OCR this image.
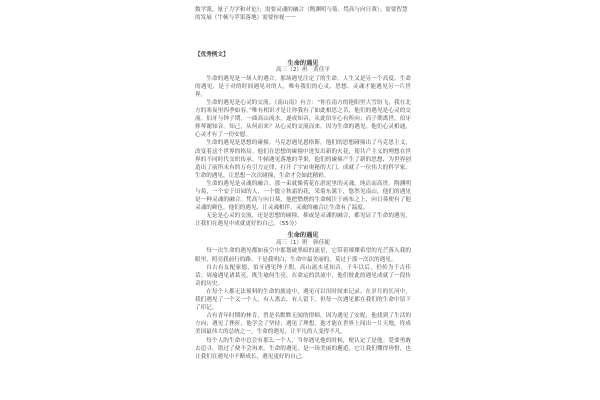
数学派、量子力学和对论》；需要灵魂的融合（陶渊明与菊、梵高与向日葵）；需要智慧的发展（牛顿与苹果落地）需要你视一一

【优秀例文】

生命的遇见

高三（2）班　黄佳平

生命的遇见是一场人的遇合，那场遇见注定了的生命，人生又是另一个高度。生命的遇见，是于对的时间遇见对的人，唯有我们的心灵、思想、灵魂才能遇见另一片世界。

生命的遇见是心灵的交流。《南山南》有言：“你在南方的艳阳里大雪纷飞，我在北方的寒夜里四季如春。”唯有相识才是让你我有了如此相思之苦，他们的遇见是心灵的交流。伯牙与钟子期，一曲高山流水，遂成知音，从此伯牙心有所向；而子期离世，伯牙摔琴谢知音。知己，从何而来？从心灵的交流而来。因为生命的遇见，他们心灵相通，心灵才有了一份安慰。

生命的遇见是思想的碰撞。马克思遇见恩格斯，他们的思想碰撞出了马克思主义，改变着这个世界的格局。他们在思想的碰撞中迸发出新的火花，使共产主义的理想在世界的不同时代交织传承。牛顿遇见落地的苹果，他们的碰撞产生了新的思想，为世界创造出了前所未有的万有引力定律，打开了宇宙奥秘的大门，成就了一位伟大的科学家。生命的遇见，让思想一次次碰撞，生命才会如此精彩。

生命的遇见是灵魂的融合。那一束就像荷花在淤泥里的灵魂，纯洁而高贵。陶渊明与菊，一个安于田园的人，一个傲立秋霜的花，采菊东篱下，悠然见南山，他们的遇见是一种灵魂的融合。梵高与向日葵，他把燃烧的生命倾注于画布之上，向日葵便有了他灵魂的颜色。他们的遇见，让灵魂相伴，灵魂的融合让生命有了温度。

无论是心灵的交流，还是思想的碰撞，抑或是灵魂的融合，都见证了生命的遇见，让我们在遇见中成就更好的自己。（55分）

生命的遇见

高三（1）班　韩佳妮

每一次生命的遇见都如夜空中那划破黑暗的流星，它带着璀璨希望的光芒落入我的眼里，照亮我前行的路。于是我明白，生命中最美丽的，莫过于那一次次的遇见。

自古有友配家德，伯牙遇见钟子期，高山流水觅知音，千年以后，仍传为千古佳话；周瑜遇见诸葛亮，既生瑜何生亮，在命运的洪流中，他们彼此的遇见成就了一段传奇的历史。

在每个人都无法预料的生命的旅途中，遇见可以用时间来记录。在岁月的长河中，我们遇见了一个又一个人，有人离去，有人留下，但每一次遇见都在我们的生命中留下了印记。

古有青年时期的林肯，曾是名默默无闻的律师，因为遇见了安妮，他找到了生活的方向；遇见了挫折，他学会了坚持；遇见了理想，他才能在世界上闯出一片天地，终成美国最伟大的总统之一。生命的遇见，让平凡的人变得不凡。

每个人的生命中总会有那么一个人，当你遇见他的时候，便认定了是他。爱要勇敢去追寻，错过了便不会再来。生命的遇见，是一场美丽的邂逅，它让我们懂得珍惜，也让我们在遇见中不断成长，遇见更好的自己。
